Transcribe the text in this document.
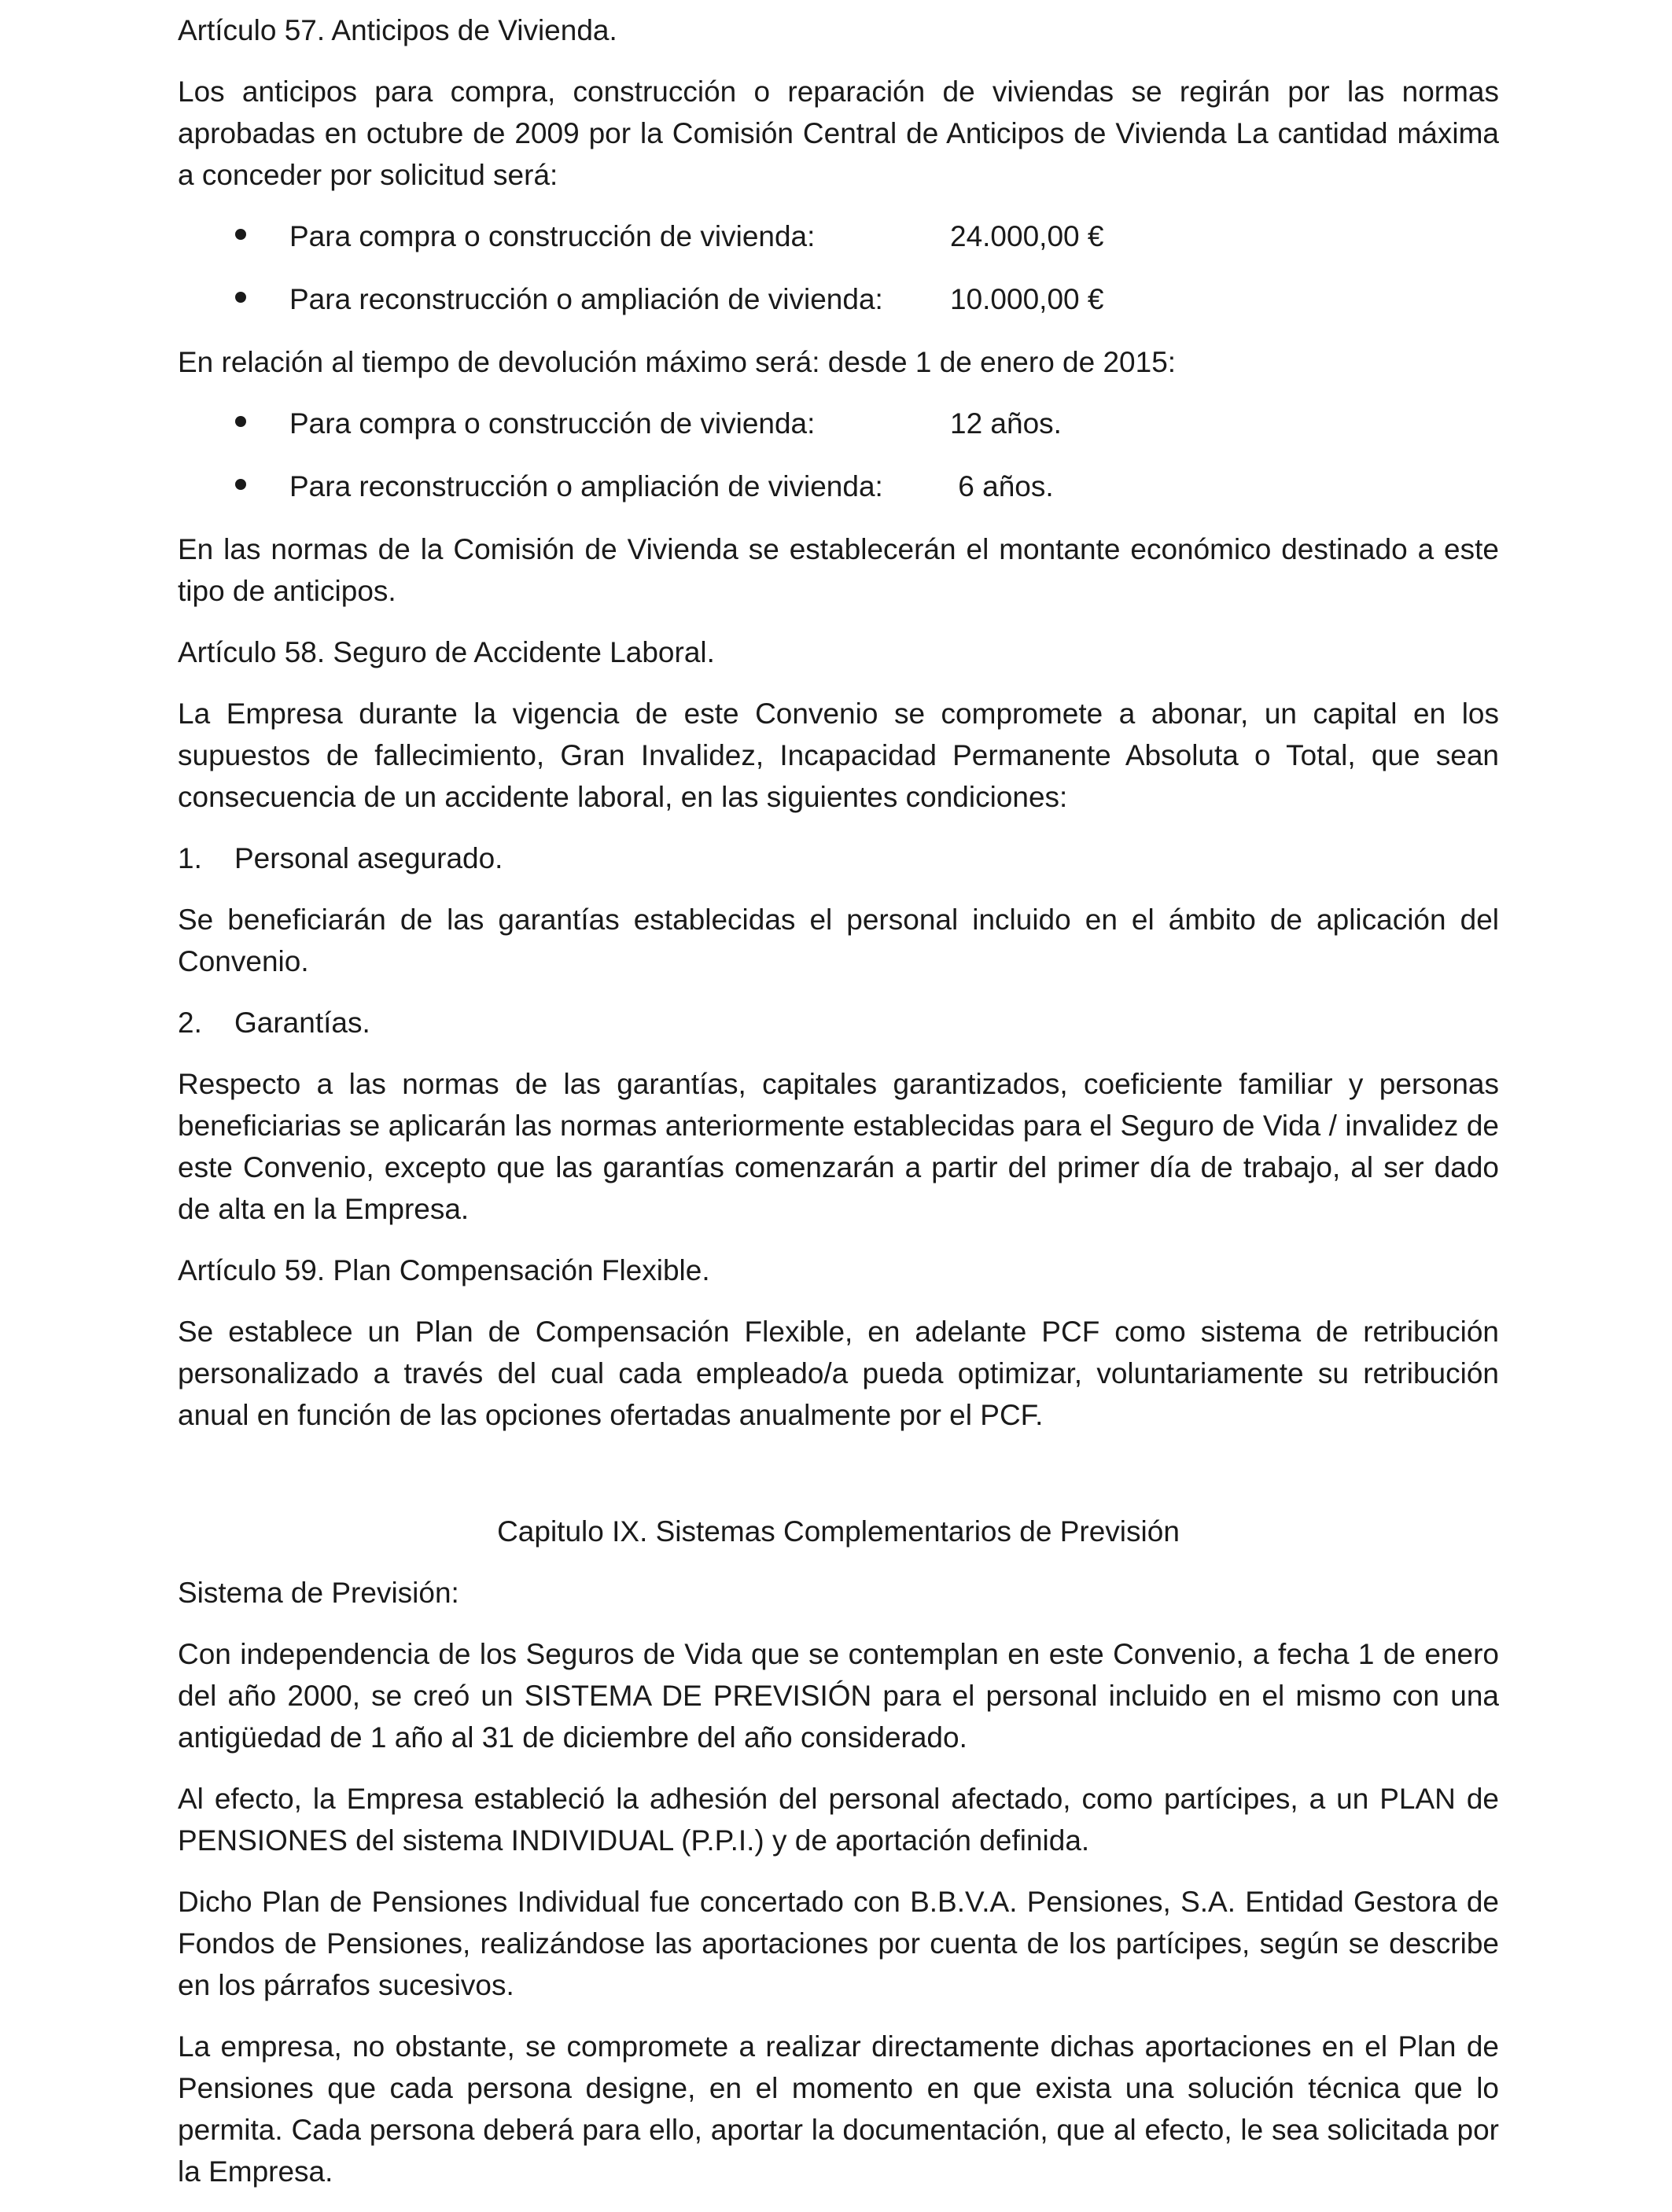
Artículo 57. Anticipos de Vivienda.

Los anticipos para compra, construcción o reparación de viviendas se regirán por las normas aprobadas en octubre de 2009 por la Comisión Central de Anticipos de Vivienda La cantidad máxima a conceder por solicitud será:

Para compra o construcción de vivienda:	24.000,00 €
Para reconstrucción o ampliación de vivienda:	10.000,00 €

En relación al tiempo de devolución máximo será: desde 1 de enero de 2015:

Para compra o construcción de vivienda:	12 años.
Para reconstrucción o ampliación de vivienda:	6 años.

En las normas de la Comisión de Vivienda se establecerán el montante económico destinado a este tipo de anticipos.

Artículo 58. Seguro de Accidente Laboral.

La Empresa durante la vigencia de este Convenio se compromete a abonar, un capital en los supuestos de fallecimiento, Gran Invalidez, Incapacidad Permanente Absoluta o Total, que sean consecuencia de un accidente laboral, en las siguientes condiciones:

1.	Personal asegurado.

Se beneficiarán de las garantías establecidas el personal incluido en el ámbito de aplicación del Convenio.

2.	Garantías.

Respecto a las normas de las garantías, capitales garantizados, coeficiente familiar y personas beneficiarias se aplicarán las normas anteriormente establecidas para el Seguro de Vida / invalidez de este Convenio, excepto que las garantías comenzarán a partir del primer día de trabajo, al ser dado de alta en la Empresa.

Artículo 59. Plan Compensación Flexible.

Se establece un Plan de Compensación Flexible, en adelante PCF como sistema de retribución personalizado a través del cual cada empleado/a pueda optimizar, voluntariamente su retribución anual en función de las opciones ofertadas anualmente por el PCF.

Capitulo IX. Sistemas Complementarios de Previsión
Sistema de Previsión:

Con independencia de los Seguros de Vida que se contemplan en este Convenio, a fecha 1 de enero del año 2000, se creó un SISTEMA DE PREVISIÓN para el personal incluido en el mismo con una antigüedad de 1 año al 31 de diciembre del año considerado.

Al efecto, la Empresa estableció la adhesión del personal afectado, como partícipes, a un PLAN de PENSIONES del sistema INDIVIDUAL (P.P.I.) y de aportación definida.

Dicho Plan de Pensiones Individual fue concertado con B.B.V.A. Pensiones, S.A. Entidad Gestora de Fondos de Pensiones, realizándose las aportaciones por cuenta de los partícipes, según se describe en los párrafos sucesivos.

La empresa, no obstante, se compromete a realizar directamente dichas aportaciones en el Plan de Pensiones que cada persona designe, en el momento en que exista una solución técnica que lo permita. Cada persona deberá para ello, aportar la documentación, que al efecto, le sea solicitada por la Empresa.
